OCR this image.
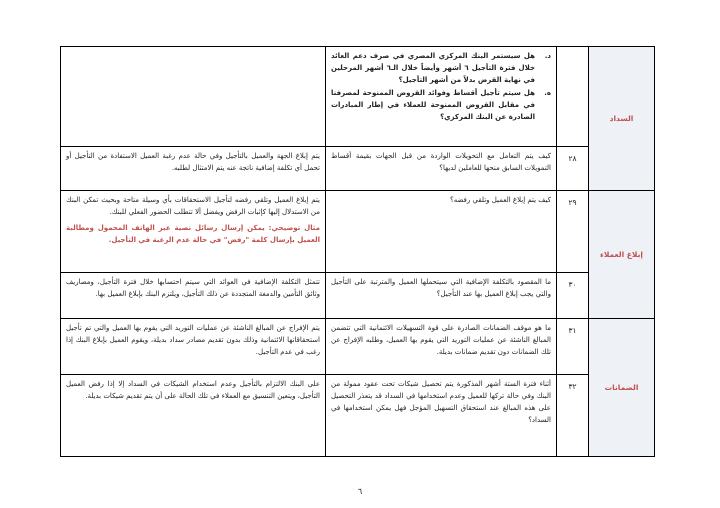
السداد		د.
هل سيستمر البنك المركزي المصري في صرف دعم العائد خلال فترة التأجيل ٦ أشهر وأيضاً خلال الـ٦ أشهر المرحلين في نهاية القرض بدلاً من أشهر التأجيل؟
ه.
هل سيتم تأجيل أقساط وفوائد القروض الممنوحة لمصرفنا في مقابل القروض الممنوحة للعملاء في إطار المبادرات الصادرة عن البنك المركزي؟	

	٢٨	كيف يتم التعامل مع التحويلات الواردة من قبل الجهات بقيمة أقساط التمويلات السابق منحها للعاملين لديها؟	يتم إبلاغ الجهة والعميل بالتأجيل وفي حالة عدم رغبة العميل الاستفادة من التأجيل أو تحمل أي تكلفة إضافية ناتجة عنه يتم الامتثال لطلبه.
إبلاغ العملاء	٢٩	كيف يتم إبلاغ العميل وتلقي رفضه؟	يتم إبلاغ العميل وتلقي رفضه لتأجيل الاستحقاقات بأي وسيلة متاحة وبحيث تمكن البنك من الاستدلال إليها كإثبات الرفض ويفضل ألا تتطلب الحضور الفعلي للبنك.
مثال توضيحي: يمكن إرسال رسائل نصية عبر الهاتف المحمول ومطالبة العميل بإرسال كلمة "رفض" في حالة عدم الرغبة في التأجيل.

	٣٠	ما المقصود بالتكلفة الإضافية التي سيتحملها العميل والمترتبة على التأجيل والتي يجب إبلاغ العميل بها عند التأجيل؟	تتمثل التكلفة الإضافية في العوائد التي سيتم احتسابها خلال فترة التأجيل، ومصاريف وثائق التأمين والدمغة المتجددة عن ذلك التأجيل، ويلتزم البنك بإبلاغ العميل بها.
الضمانات	٣١	ما هو موقف الضمانات الصادرة على قوة التسهيلات الائتمانية التي تتضمن المبالغ الناشئة عن عمليات التوريد التي يقوم بها العميل، وطلبه الإفراج عن تلك الضمانات دون تقديم ضمانات بديلة.	يتم الإفراج عن المبالغ الناشئة عن عمليات التوريد التي يقوم بها العميل والتي تم تأجيل استحقاقاتها الائتمانية وذلك بدون تقديم مصادر سداد بديلة، ويقوم العميل بإبلاغ البنك إذا رغب في عدم التأجيل.
	٣٢	أثناء فترة الستة أشهر المذكورة يتم تحصيل شيكات تحت عقود ممولة من البنك وفي حالة تركها للعميل وعدم استخدامها في السداد قد يتعذر التحصيل على هذه المبالغ عند استحقاق التسهيل المؤجل فهل يمكن استخدامها في السداد؟	على البنك الالتزام بالتأجيل وعدم استخدام الشيكات في السداد إلا إذا رفض العميل التأجيل، ويتعين التنسيق مع العملاء في تلك الحالة على أن يتم تقديم شيكات بديلة.
٦
